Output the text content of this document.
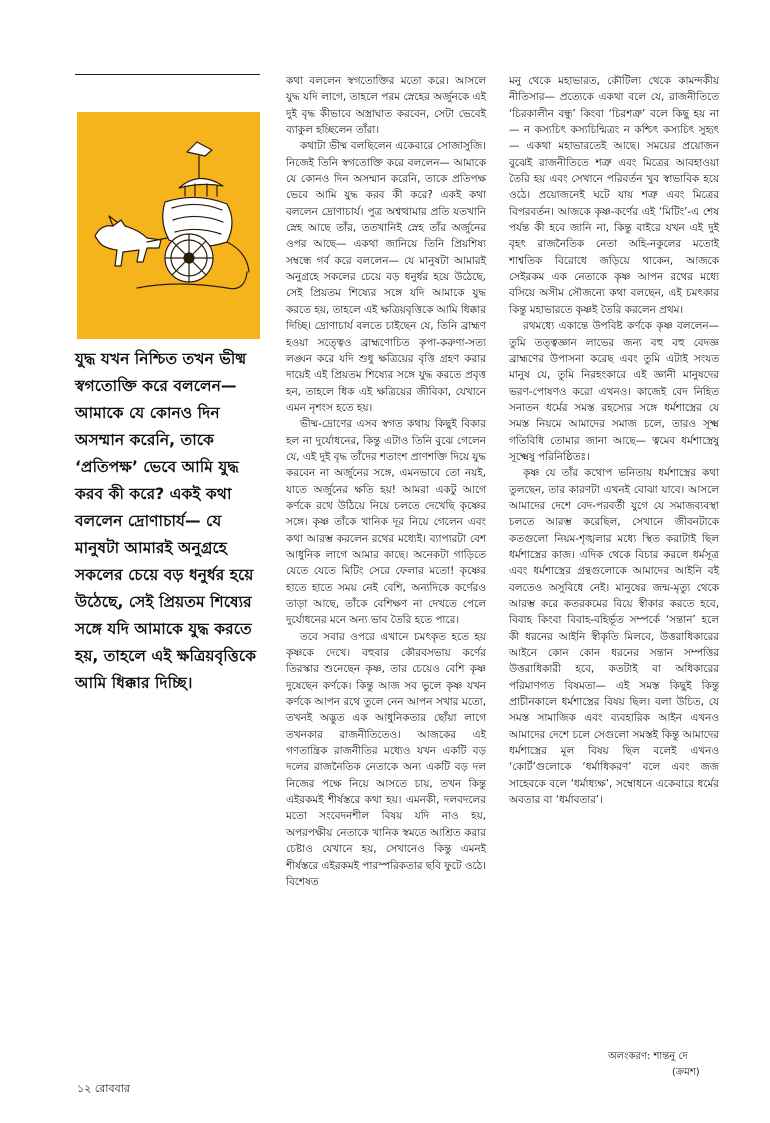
যুদ্ধ যখন নিশ্চিত তখন ভীষ্ম স্বগতোক্তি করে বললেন— আমাকে যে কোনও দিন অসম্মান করেনি, তাকে ‘প্রতিপক্ষ’ ভেবে আমি যুদ্ধ করব কী করে? একই কথা বললেন দ্রোণাচার্য— যে মানুষটা আমারই অনুগ্রহে সকলের চেয়ে বড় ধনুর্ধর হয়ে উঠেছে, সেই প্রিয়তম শিষ্যের সঙ্গে যদি আমাকে যুদ্ধ করতে হয়, তাহলে এই ক্ষত্রিয়বৃত্তিকে আমি ধিক্কার দিচ্ছি।

কথা বললেন স্বগতোক্তির মতো করে। আসলে যুদ্ধ যদি লাগে, তাহলে পরম স্নেহের অর্জুনকে এই দুই বৃদ্ধ কীভাবে অস্ত্রাঘাত করবেন, সেটা ভেবেই ব্যাকুল হচ্ছিলেন তাঁরা।

কথাটা ভীষ্ম বলছিলেন একেবারে সোজাসুজি। নিজেই তিনি স্বগতোক্তি করে বললেন— আমাকে যে কোনও দিন অসম্মান করেনি, তাকে প্রতিপক্ষ ভেবে আমি যুদ্ধ করব কী করে? একই কথা বললেন দ্রোণাচার্য। পুত্র অশ্বত্থামার প্রতি যতখানি স্নেহ আছে তাঁর, ততখানিই স্নেহ তাঁর অর্জুনের ওপর আছে— একথা জানিয়ে তিনি প্রিয়শিষ্য সম্বন্ধে গর্ব করে বললেন— যে মানুষটা আমারই অনুগ্রহে সকলের চেয়ে বড় ধনুর্ধর হয়ে উঠেছে, সেই প্রিয়তম শিষ্যের সঙ্গে যদি আমাকে যুদ্ধ করতে হয়, তাহলে এই ক্ষত্রিয়বৃত্তিকে আমি ধিক্কার দিচ্ছি। দ্রোণাচার্য বলতে চাইছেন যে, তিনি ব্রাহ্মণ হওয়া সত্ত্বেও ব্রাহ্মণোচিত কৃপা-করুণা-সত্য লঙ্ঘন করে যদি শুধু ক্ষত্রিয়ের বৃত্তি গ্রহণ করার দায়েই এই প্রিয়তম শিষ্যের সঙ্গে যুদ্ধ করতে প্রবৃত্ত হন, তাহলে ধিক এই ক্ষত্রিয়ের জীবিকা, যেখানে এমন নৃশংস হতে হয়।

ভীষ্ম-দ্রোণের এসব স্বগত কথায় কিছুই বিকার হল না দুর্যোধনের, কিন্তু এটাও তিনি বুঝে গেলেন যে, এই দুই বৃদ্ধ তাঁদের শতাংশ প্রাণশক্তি দিয়ে যুদ্ধ করবেন না অর্জুনের সঙ্গে, এমনভাবে তো নয়ই, যাতে অর্জুনের ক্ষতি হয়! আমরা একটু আগে কর্ণকে রথে উঠিয়ে নিয়ে চলতে দেখেছি কৃষ্ণের সঙ্গে। কৃষ্ণ তাঁকে খানিক দূর নিয়ে গেলেন এবং কথা আরম্ভ করলেন রথের মধ্যেই। ব্যাপারটা বেশ আধুনিক লাগে আমার কাছে। অনেকটা গাড়িতে যেতে যেতে মিটিং সেরে ফেলার মতো! কৃষ্ণের হাতে হাতে সময় নেই বেশি, অন্যদিকে কর্ণেরও তাড়া আছে, তাঁকে বেশিক্ষণ না দেখতে পেলে দুর্যোধনের মনে অন্য ভাব তৈরি হতে পারে।

তবে সবার ওপরে এখানে চমৎকৃত হতে হয় কৃষ্ণকে দেখে। বহুবার কৌরবসভায় কর্ণের তিরস্কার শুনেছেন কৃষ্ণ, তার চেয়েও বেশি কৃষ্ণ দুষেছেন কর্ণকে। কিন্তু আজ সব ভুলে কৃষ্ণ যখন কর্ণকে আপন রথে তুলে নেন আপন সখার মতো, তখনই অদ্ভুত এক আধুনিকতার ছোঁয়া লাগে তখনকার রাজনীতিতেও। আজকের এই গণতান্ত্রিক রাজনীতির মধ্যেও যখন একটি বড় দলের রাজনৈতিক নেতাকে অন্য একটি বড় দল নিজের পক্ষে নিয়ে আসতে চায়, তখন কিন্তু এইরকমই শীর্ষস্তরে কথা হয়। এমনকী, দলবদলের মতো সংবেদনশীল বিষয় যদি নাও হয়, অপরপক্ষীয় নেতাকে খানিক স্বমতে আশ্রিত করার চেষ্টাও যেখানে হয়, সেখানেও কিন্তু এমনই শীর্ষস্তরে এইরকমই পারস্পরিকতার ছবি ফুটে ওঠে। বিশেষত

মনু থেকে মহাভারত, কৌটিল্য থেকে কামন্দকীয় নীতিসার— প্রত্যেকে একথা বলে যে, রাজনীতিতে ‘চিরকালীন বন্ধু’ কিংবা ‘চিরশত্রু’ বলে কিছু হয় না— ন কস্যচিৎ কস্যচিন্মিত্রং ন কশ্চিৎ কস্যচিৎ সুহৃৎ— একথা মহাভারতেই আছে। সময়ের প্রয়োজন বুঝেই রাজনীতিতে শত্রু এবং মিত্রের আবহাওয়া তৈরি হয় এবং সেখানে পরিবর্তন খুব স্বাভাবিক হয়ে ওঠে। প্রয়োজনেই ঘটে যায় শত্রু এবং মিত্রের বিপরবর্তন। আজকে কৃষ্ণ-কর্ণের এই ‘মিটিং’-এ শেষ পর্যন্ত কী হবে জানি না, কিন্তু বাইরে যখন এই দুই বৃহৎ রাজনৈতিক নেতা অহি-নকুলের মতোই শাশ্বতিক বিরোধে জড়িয়ে থাকেন, আজকে সেইরকম এক নেতাকে কৃষ্ণ আপন রথের মধ্যে বসিয়ে অসীম সৌজন্যে কথা বলছেন, এই চমৎকার কিন্তু মহাভারতে কৃষ্ণই তৈরি করলেন প্রথম।

রথমধ্যে একান্তে উপবিষ্ট কর্ণকে কৃষ্ণ বললেন— তুমি তত্ত্বজ্ঞান লাভের জন্য বহু বহু বেদজ্ঞ ব্রাহ্মণের উপাসনা করেছ এবং তুমি এটাই সংযত মানুষ যে, তুমি নিরহংকারে এই জ্ঞানী মানুষদের ভরণ-পোষণও করো এখনও। কাজেই বেদ নিহিত সনাতন ধর্মের সমস্ত রহস্যের সঙ্গে ধর্মশাস্ত্রের যে সমস্ত নিয়মে আমাদের সমাজ চলে, তারও সূক্ষ্ম গতিবিধি তোমার জানা আছে— ত্বমেব ধর্মশাস্ত্রেষু সূক্ষ্মেষু পরিনিষ্ঠিতঃ।

কৃষ্ণ যে তাঁর কথোপ ভনিতায় ধর্মশাস্ত্রের কথা তুলছেন, তার কারণটা এখনই বোঝা যাবে। আসলে আমাদের দেশে বেদ-পরবর্তী যুগে যে সমাজব্যবস্থা চলতে আরম্ভ করেছিল, সেখানে জীবনটাকে কতগুলো নিয়ম-শৃঙ্খলার মধ্যে স্থিত করাটাই ছিল ধর্মশাস্ত্রের কাজ। এদিক থেকে বিচার করলে ধর্মসূত্র এবং ধর্মশাস্ত্রের গ্রন্থগুলোকে আমাদের আইনি বই বলতেও অসুবিধে নেই। মানুষের জন্ম-মৃত্যু থেকে আরম্ভ করে কতরকমের বিয়ে স্বীকার করতে হবে, বিবাহ কিংবা বিবাহ-বহির্ভূত সম্পর্কে ‘সন্তান’ হলে কী ধরনের আইনি স্বীকৃতি মিলবে, উত্তরাধিকারের আইনে কোন কোন ধরনের সন্তান সম্পত্তির উত্তরাধিকারী হবে, কতটাই বা অধিকারের পরিমাণগত বিষমতা— এই সমস্ত কিছুই কিন্তু প্রাচীনকালে ধর্মশাস্ত্রের বিষয় ছিল। বলা উচিত, যে সমস্ত সামাজিক এবং ব্যবহারিক আইন এখনও আমাদের দেশে চলে সেগুলো সমস্তই কিন্তু আমাদের ধর্মশাস্ত্রের মূল বিষয় ছিল বলেই এখনও ‘কোর্ট’গুলোকে ‘ধর্মাধিকরণ’ বলে এবং জজ সাহেবকে বলে ‘ধর্মাধ্যক্ষ’, সম্বোধনে একেবারে ধর্মের অবতার বা ‘ধর্মাবতার’।

অলংকরণ: শান্তনু দে
(ক্রমশ)
১২ রোববার
